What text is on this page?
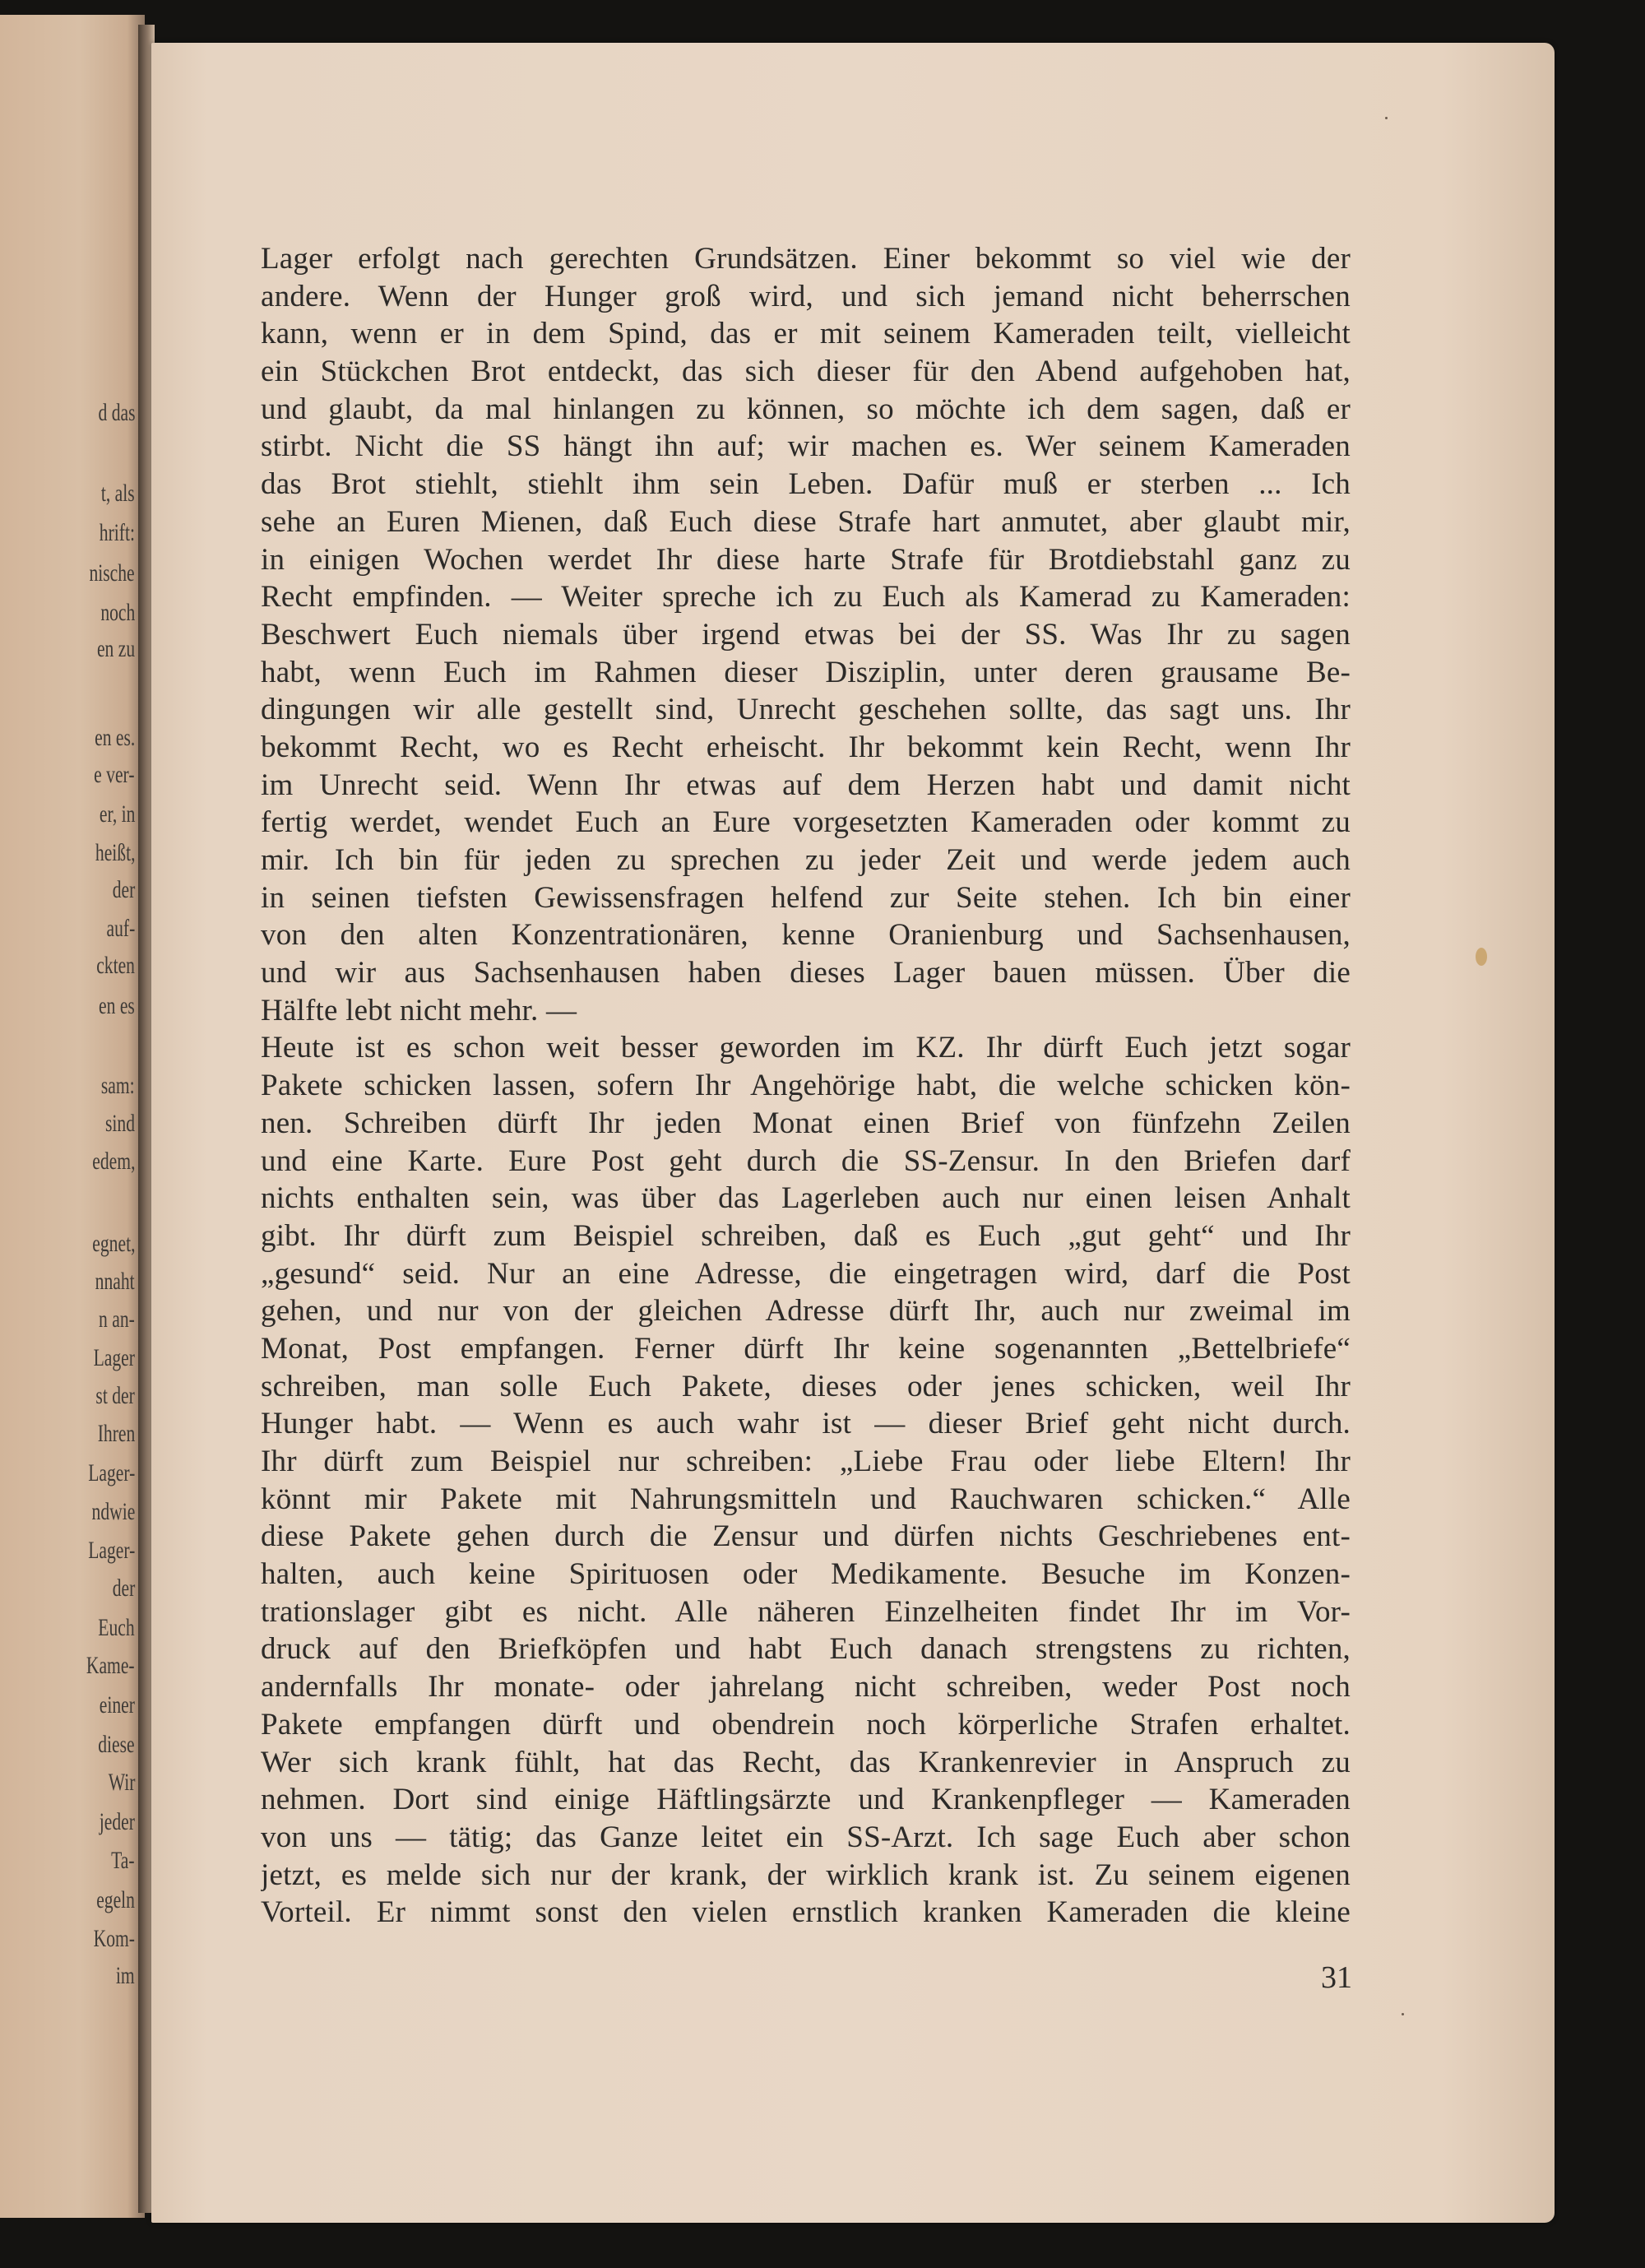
d das
t, als
hrift:
nische
noch
en zu
en es.
e ver-
er, in
heißt,
der
auf-
ckten
en es
sam:
sind
edem,
egnet,
nnaht
n an-
Lager
st der
Ihren
Lager-
ndwie
Lager-
der
Euch
Kame-
einer
diese
Wir
jeder
Ta-
egeln
Kom-
im
Lager erfolgt nach gerechten Grundsätzen. Einer bekommt so viel wie der
andere. Wenn der Hunger groß wird, und sich jemand nicht beherrschen
kann, wenn er in dem Spind, das er mit seinem Kameraden teilt, vielleicht
ein Stückchen Brot entdeckt, das sich dieser für den Abend aufgehoben hat,
und glaubt, da mal hinlangen zu können, so möchte ich dem sagen, daß er
stirbt. Nicht die SS hängt ihn auf; wir machen es. Wer seinem Kameraden
das Brot stiehlt, stiehlt ihm sein Leben. Dafür muß er sterben ... Ich
sehe an Euren Mienen, daß Euch diese Strafe hart anmutet, aber glaubt mir,
in einigen Wochen werdet Ihr diese harte Strafe für Brotdiebstahl ganz zu
Recht empfinden. — Weiter spreche ich zu Euch als Kamerad zu Kameraden:
Beschwert Euch niemals über irgend etwas bei der SS. Was Ihr zu sagen
habt, wenn Euch im Rahmen dieser Disziplin, unter deren grausame Be-
dingungen wir alle gestellt sind, Unrecht geschehen sollte, das sagt uns. Ihr
bekommt Recht, wo es Recht erheischt. Ihr bekommt kein Recht, wenn Ihr
im Unrecht seid. Wenn Ihr etwas auf dem Herzen habt und damit nicht
fertig werdet, wendet Euch an Eure vorgesetzten Kameraden oder kommt zu
mir. Ich bin für jeden zu sprechen zu jeder Zeit und werde jedem auch
in seinen tiefsten Gewissensfragen helfend zur Seite stehen. Ich bin einer
von den alten Konzentrationären, kenne Oranienburg und Sachsenhausen,
und wir aus Sachsenhausen haben dieses Lager bauen müssen. Über die
Hälfte lebt nicht mehr. —
Heute ist es schon weit besser geworden im KZ. Ihr dürft Euch jetzt sogar
Pakete schicken lassen, sofern Ihr Angehörige habt, die welche schicken kön-
nen. Schreiben dürft Ihr jeden Monat einen Brief von fünfzehn Zeilen
und eine Karte. Eure Post geht durch die SS-Zensur. In den Briefen darf
nichts enthalten sein, was über das Lagerleben auch nur einen leisen Anhalt
gibt. Ihr dürft zum Beispiel schreiben, daß es Euch „gut geht“ und Ihr
„gesund“ seid. Nur an eine Adresse, die eingetragen wird, darf die Post
gehen, und nur von der gleichen Adresse dürft Ihr, auch nur zweimal im
Monat, Post empfangen. Ferner dürft Ihr keine sogenannten „Bettelbriefe“
schreiben, man solle Euch Pakete, dieses oder jenes schicken, weil Ihr
Hunger habt. — Wenn es auch wahr ist — dieser Brief geht nicht durch.
Ihr dürft zum Beispiel nur schreiben: „Liebe Frau oder liebe Eltern! Ihr
könnt mir Pakete mit Nahrungsmitteln und Rauchwaren schicken.“ Alle
diese Pakete gehen durch die Zensur und dürfen nichts Geschriebenes ent-
halten, auch keine Spirituosen oder Medikamente. Besuche im Konzen-
trationslager gibt es nicht. Alle näheren Einzelheiten findet Ihr im Vor-
druck auf den Briefköpfen und habt Euch danach strengstens zu richten,
andernfalls Ihr monate- oder jahrelang nicht schreiben, weder Post noch
Pakete empfangen dürft und obendrein noch körperliche Strafen erhaltet.
Wer sich krank fühlt, hat das Recht, das Krankenrevier in Anspruch zu
nehmen. Dort sind einige Häftlingsärzte und Krankenpfleger — Kameraden
von uns — tätig; das Ganze leitet ein SS-Arzt. Ich sage Euch aber schon
jetzt, es melde sich nur der krank, der wirklich krank ist. Zu seinem eigenen
Vorteil. Er nimmt sonst den vielen ernstlich kranken Kameraden die kleine
31
